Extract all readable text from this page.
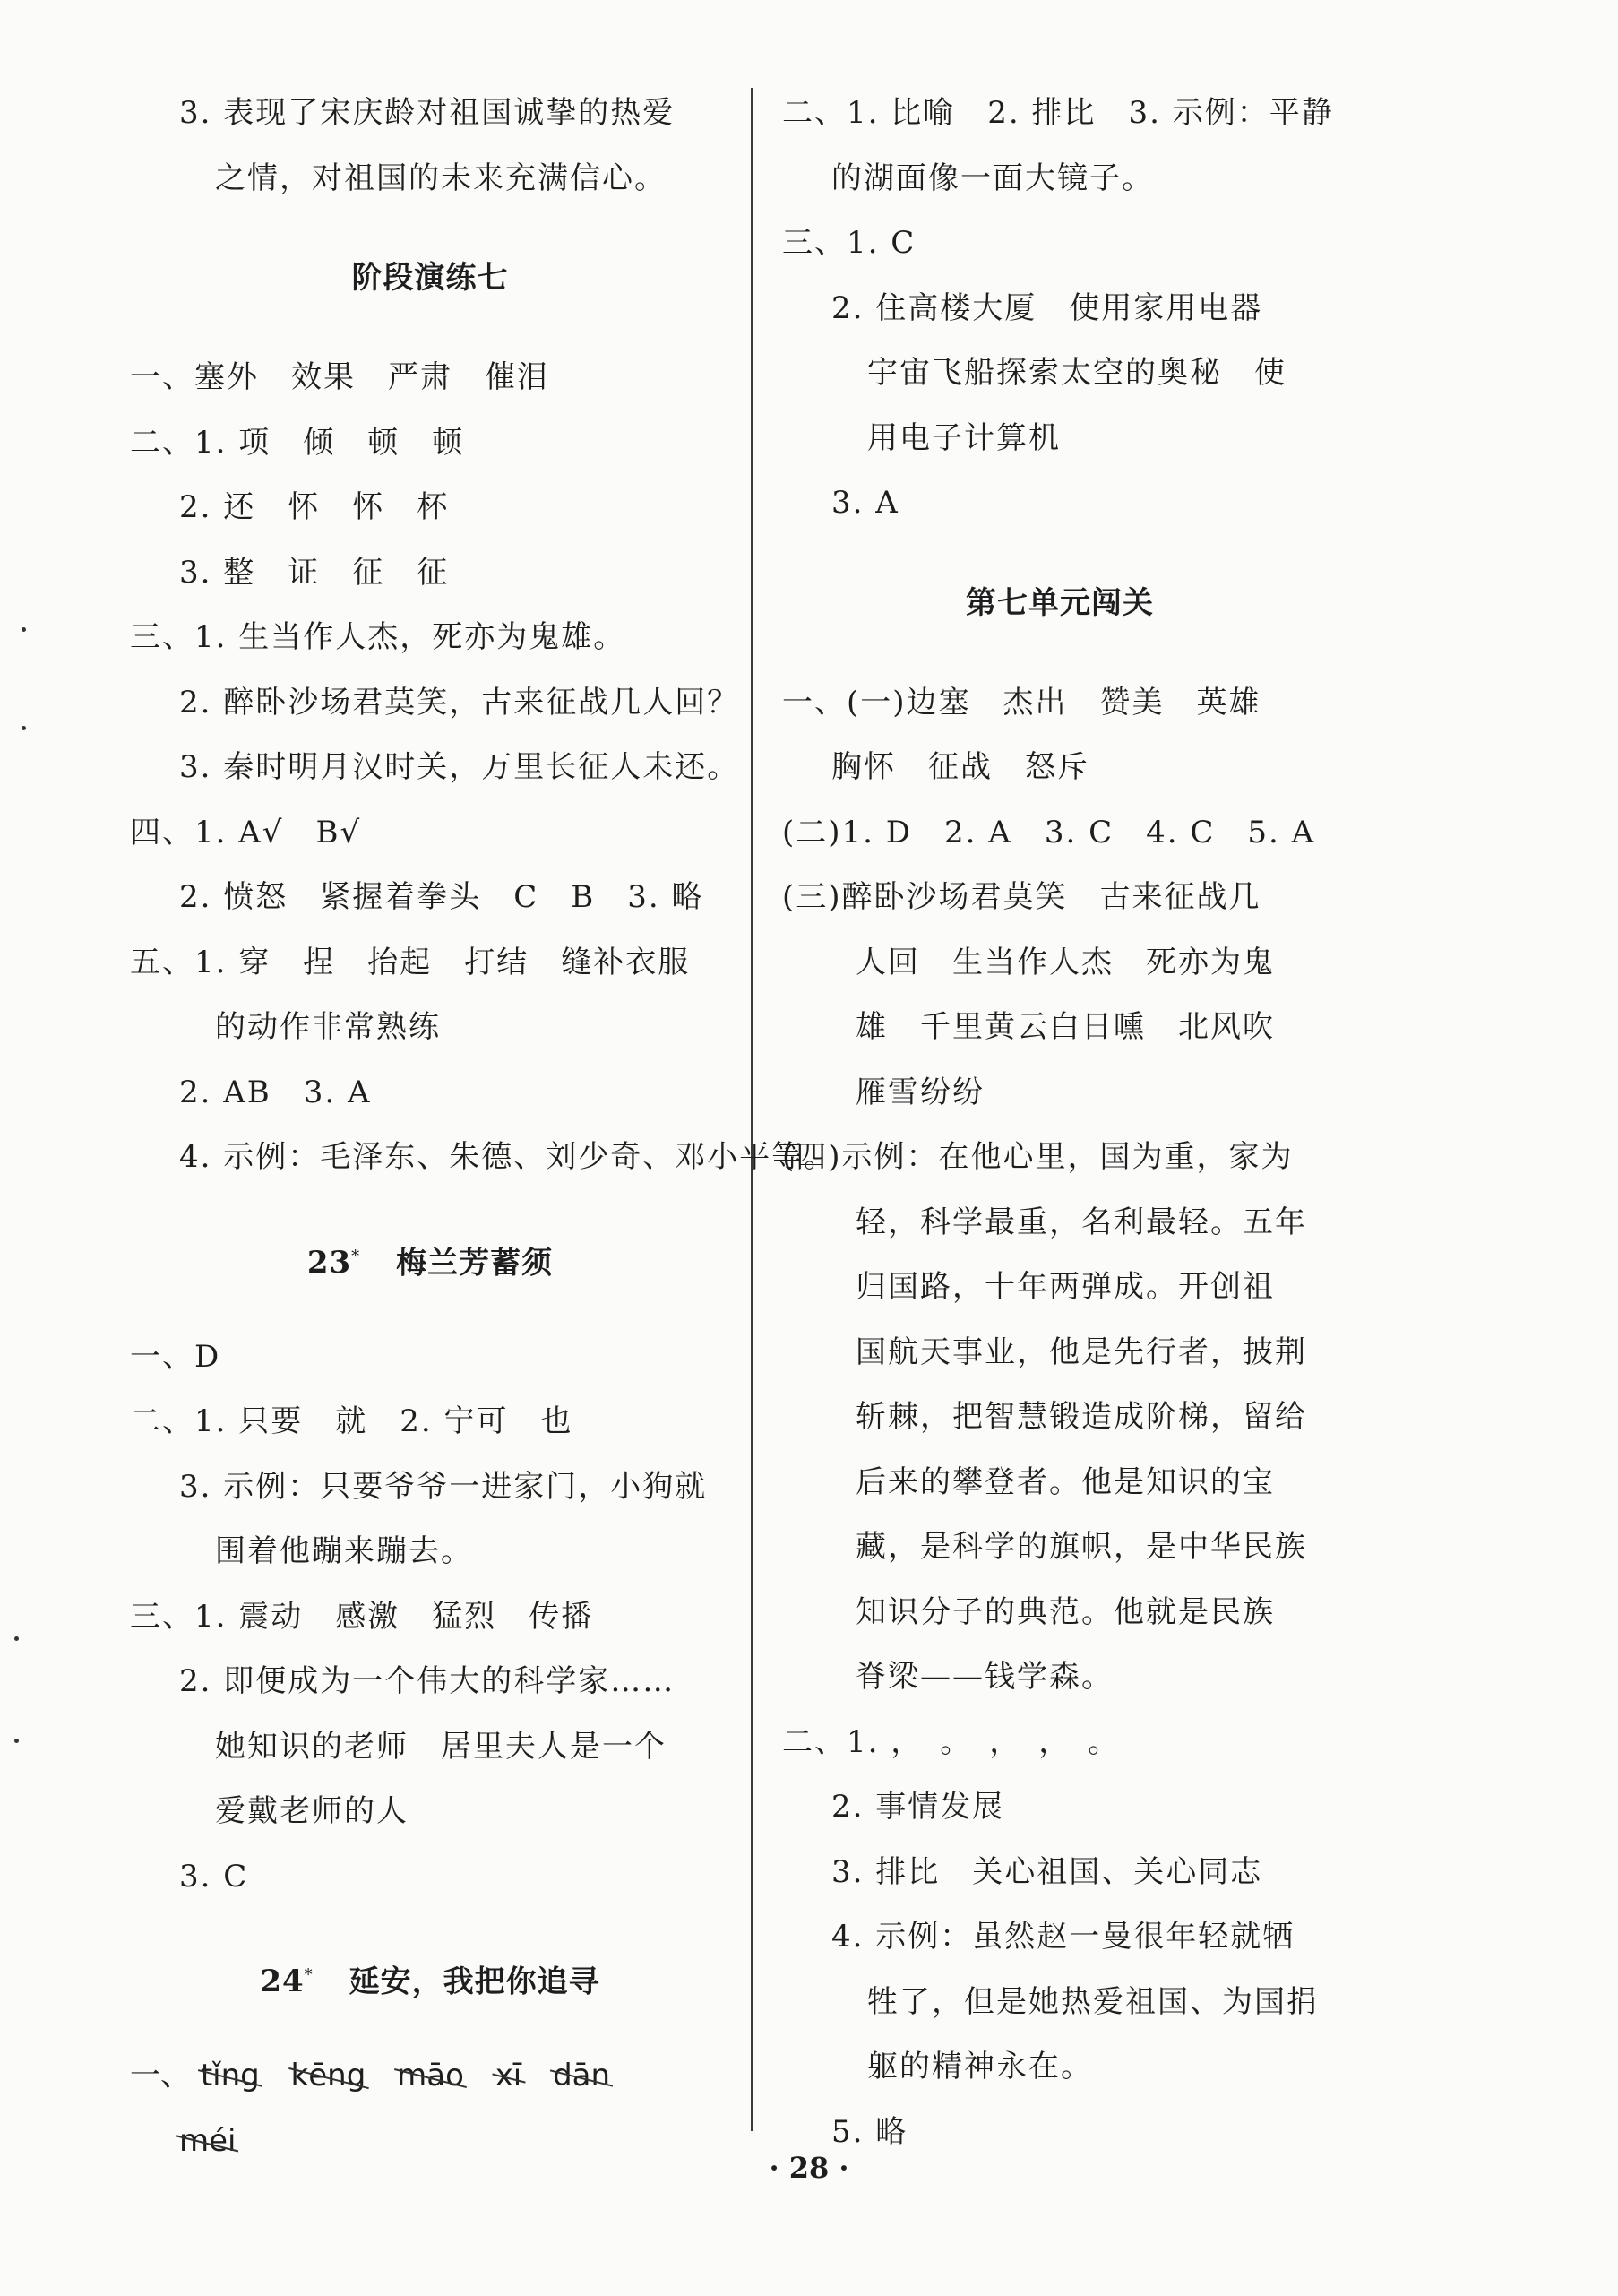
3. 表现了宋庆龄对祖国诚挚的热爱
之情，对祖国的未来充满信心。
阶段演练七
一、塞外　效果　严肃　催泪
二、1. 项　倾　顿　顿
2. 还　怀　怀　杯
3. 整　证　征　征
三、1. 生当作人杰，死亦为鬼雄。
2. 醉卧沙场君莫笑，古来征战几人回？
3. 秦时明月汉时关，万里长征人未还。
四、1. A√　B√
2. 愤怒　紧握着拳头　C　B　3. 略
五、1. 穿　捏　抬起　打结　缝补衣服
的动作非常熟练
2. AB　3. A
4. 示例：毛泽东、朱德、刘少奇、邓小平等。
23* 梅兰芳蓄须
一、D
二、1. 只要　就　2. 宁可　也
3. 示例：只要爷爷一进家门，小狗就
围着他蹦来蹦去。
三、1. 震动　感激　猛烈　传播
2. 即便成为一个伟大的科学家……
她知识的老师　居里夫人是一个
爱戴老师的人
3. C
24* 延安，我把你追寻
一、 tǐng kēng māo xī dān
méi
二、1. 比喻　2. 排比　3. 示例：平静
的湖面像一面大镜子。
三、1. C
2. 住高楼大厦　使用家用电器
宇宙飞船探索太空的奥秘　使
用电子计算机
3. A
第七单元闯关
一、(一)边塞　杰出　赞美　英雄
胸怀　征战　怒斥
(二)1. D　2. A　3. C　4. C　5. A
(三)醉卧沙场君莫笑　古来征战几
人回　生当作人杰　死亦为鬼
雄　千里黄云白日曛　北风吹
雁雪纷纷
(四)示例：在他心里，国为重，家为
轻，科学最重，名利最轻。五年
归国路，十年两弹成。开创祖
国航天事业，他是先行者，披荆
斩棘，把智慧锻造成阶梯，留给
后来的攀登者。他是知识的宝
藏，是科学的旗帜，是中华民族
知识分子的典范。他就是民族
脊梁——钱学森。
二、1. ，　。　，　，　。
2. 事情发展
3. 排比　关心祖国、关心同志
4. 示例：虽然赵一曼很年轻就牺
牲了，但是她热爱祖国、为国捐
躯的精神永在。
5. 略
· 28 ·
